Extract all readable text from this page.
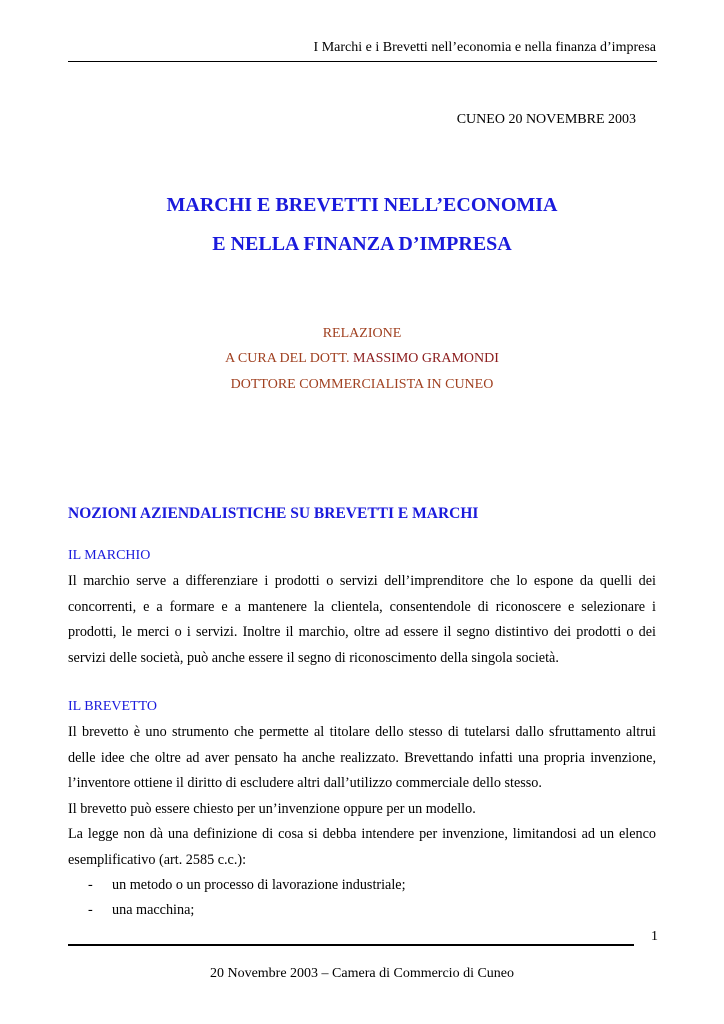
I Marchi e i Brevetti nell’economia e nella finanza d’impresa
CUNEO 20 NOVEMBRE 2003
MARCHI E BREVETTI NELL’ECONOMIA
E NELLA FINANZA D’IMPRESA
RELAZIONE
A CURA DEL DOTT. MASSIMO GRAMONDI
DOTTORE COMMERCIALISTA IN CUNEO
NOZIONI AZIENDALISTICHE SU BREVETTI E MARCHI
IL MARCHIO

Il marchio serve a differenziare i prodotti o servizi dell’imprenditore che lo espone da quelli dei
concorrenti, e a formare e a mantenere la clientela, consentendole di riconoscere e selezionare i
prodotti, le merci o i servizi. Inoltre il marchio, oltre ad essere il segno distintivo dei prodotti o dei
servizi delle società, può anche essere il segno di riconoscimento della singola società.

IL BREVETTO

Il brevetto è uno strumento che permette al titolare dello stesso di tutelarsi dallo sfruttamento altrui
delle idee che oltre ad aver pensato ha anche realizzato. Brevettando infatti una propria invenzione,
l’inventore ottiene il diritto di escludere altri dall’utilizzo commerciale dello stesso.
Il brevetto può essere chiesto per un’invenzione oppure per un modello.
La legge non dà una definizione di cosa si debba intendere per invenzione, limitandosi ad un elenco
esemplificativo (art. 2585 c.c.):

- un metodo o un processo di lavorazione industriale;
- una macchina;
1
20 Novembre 2003 – Camera di Commercio di Cuneo
